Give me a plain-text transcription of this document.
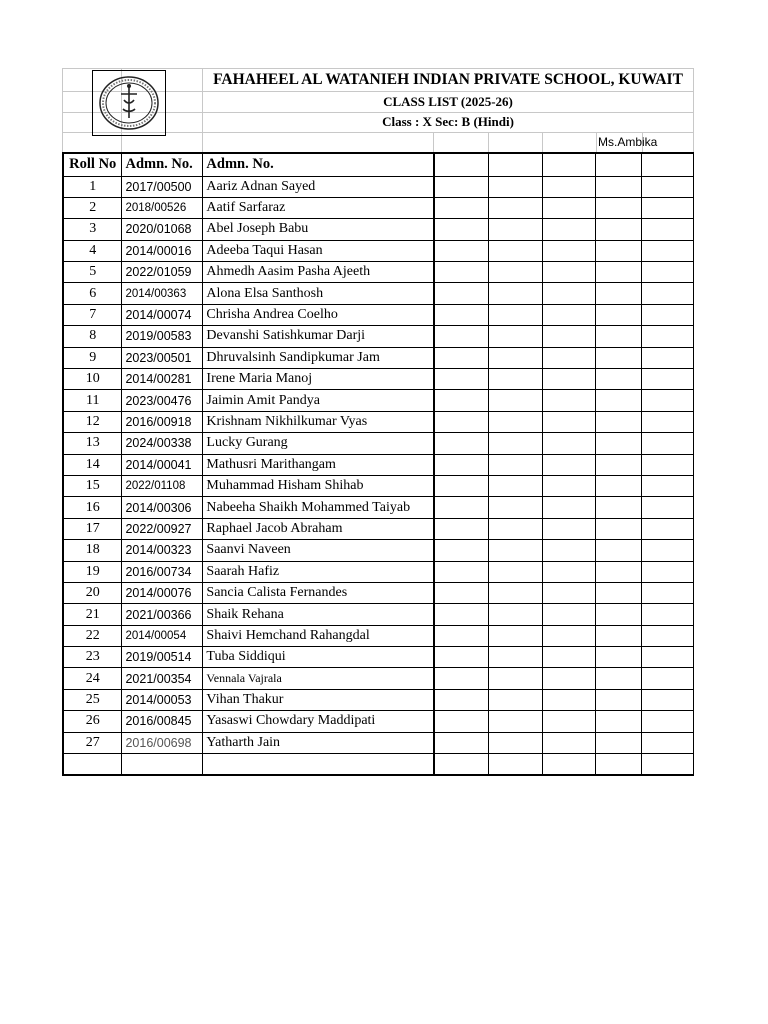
FAHAHEEL AL WATANIEH INDIAN PRIVATE SCHOOL, KUWAIT
CLASS LIST (2025-26)
Class : X Sec: B (Hindi)
Ms.Ambika
Roll No	Admn. No.	Admn. No.					
1	2017/00500	Aariz Adnan Sayed					
2	2018/00526	Aatif Sarfaraz					
3	2020/01068	Abel Joseph Babu					
4	2014/00016	Adeeba Taqui Hasan					
5	2022/01059	Ahmedh Aasim Pasha Ajeeth					
6	2014/00363	Alona Elsa Santhosh					
7	2014/00074	Chrisha Andrea Coelho					
8	2019/00583	Devanshi Satishkumar Darji					
9	2023/00501	Dhruvalsinh Sandipkumar Jam					
10	2014/00281	Irene Maria Manoj					
11	2023/00476	Jaimin Amit Pandya					
12	2016/00918	Krishnam Nikhilkumar Vyas					
13	2024/00338	Lucky Gurang					
14	2014/00041	Mathusri Marithangam					
15	2022/01108	Muhammad Hisham Shihab					
16	2014/00306	Nabeeha Shaikh Mohammed Taiyab					
17	2022/00927	Raphael Jacob Abraham					
18	2014/00323	Saanvi Naveen					
19	2016/00734	Saarah Hafiz					
20	2014/00076	Sancia Calista Fernandes					
21	2021/00366	Shaik Rehana					
22	2014/00054	Shaivi Hemchand Rahangdal					
23	2019/00514	Tuba Siddiqui					
24	2021/00354	Vennala Vajrala					
25	2014/00053	Vihan Thakur					
26	2016/00845	Yasaswi Chowdary Maddipati					
27	2016/00698	Yatharth Jain					
